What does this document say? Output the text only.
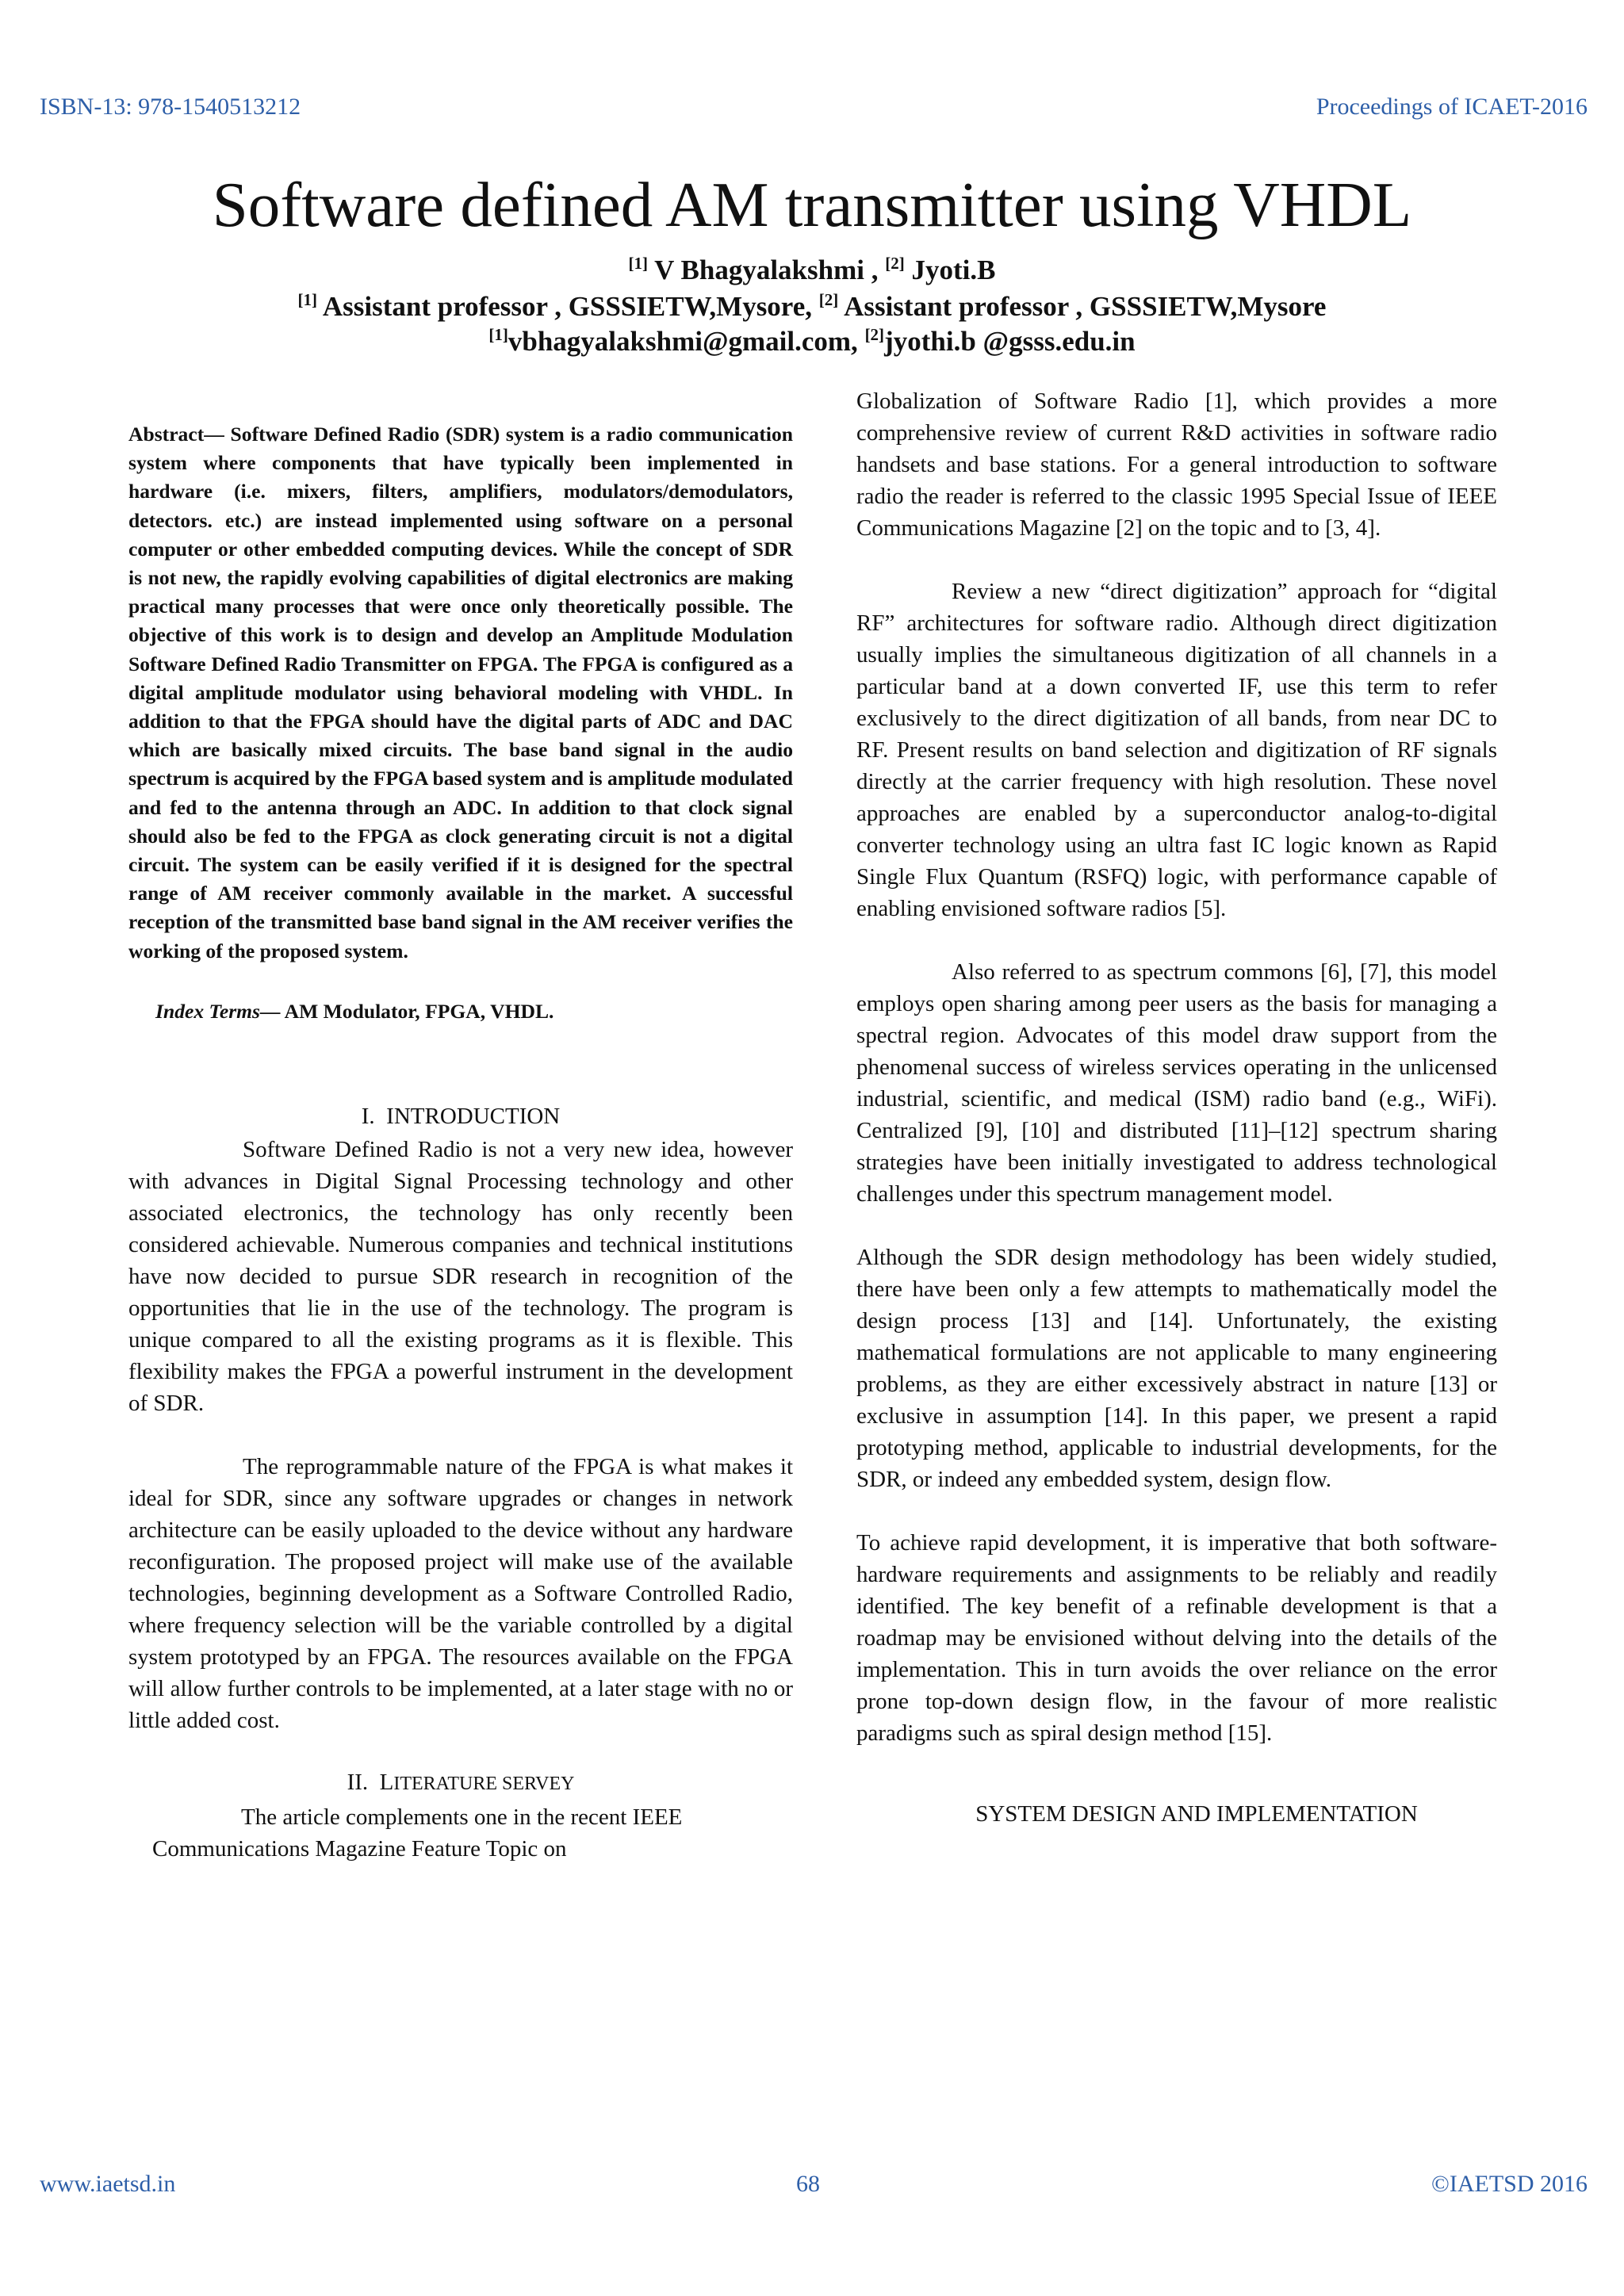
ISBN-13: 978-1540513212	Proceedings of ICAET-2016
Software defined AM transmitter using VHDL
[1] V Bhagyalakshmi , [2] Jyoti.B
[1] Assistant professor , GSSSIETW,Mysore, [2] Assistant professor , GSSSIETW,Mysore
[1]vbhagyalakshmi@gmail.com, [2]jyothi.b @gsss.edu.in

Abstract— Software Defined Radio (SDR) system is a radio communication system where components that have typically been implemented in hardware (i.e. mixers, filters, amplifiers, modulators/demodulators, detectors. etc.) are instead implemented using software on a personal computer or other embedded computing devices. While the concept of SDR is not new, the rapidly evolving capabilities of digital electronics are making practical many processes that were once only theoretically possible. The objective of this work is to design and develop an Amplitude Modulation Software Defined Radio Transmitter on FPGA. The FPGA is configured as a digital amplitude modulator using behavioral modeling with VHDL. In addition to that the FPGA should have the digital parts of ADC and DAC which are basically mixed circuits. The base band signal in the audio spectrum is acquired by the FPGA based system and is amplitude modulated and fed to the antenna through an ADC. In addition to that clock signal should also be fed to the FPGA as clock generating circuit is not a digital circuit. The system can be easily verified if it is designed for the spectral range of AM receiver commonly available in the market. A successful reception of the transmitted base band signal in the AM receiver verifies the working of the proposed system.

Index Terms— AM Modulator, FPGA, VHDL.

I. INTRODUCTION

Software Defined Radio is not a very new idea, however with advances in Digital Signal Processing technology and other associated electronics, the technology has only recently been considered achievable. Numerous companies and technical institutions have now decided to pursue SDR research in recognition of the opportunities that lie in the use of the technology. The program is unique compared to all the existing programs as it is flexible. This flexibility makes the FPGA a powerful instrument in the development of SDR.

The reprogrammable nature of the FPGA is what makes it ideal for SDR, since any software upgrades or changes in network architecture can be easily uploaded to the device without any hardware reconfiguration. The proposed project will make use of the available technologies, beginning development as a Software Controlled Radio, where frequency selection will be the variable controlled by a digital system prototyped by an FPGA. The resources available on the FPGA will allow further controls to be implemented, at a later stage with no or little added cost.

II. LITERATURE SERVEY

The article complements one in the recent IEEE
Communications Magazine Feature Topic on

Globalization of Software Radio [1], which provides a more comprehensive review of current R&D activities in software radio handsets and base stations. For a general introduction to software radio the reader is referred to the classic 1995 Special Issue of IEEE Communications Magazine [2] on the topic and to [3, 4].

Review a new “direct digitization” approach for “digital RF” architectures for software radio. Although direct digitization usually implies the simultaneous digitization of all channels in a particular band at a down converted IF, use this term to refer exclusively to the direct digitization of all bands, from near DC to RF. Present results on band selection and digitization of RF signals directly at the carrier frequency with high resolution. These novel approaches are enabled by a superconductor analog-to-digital converter technology using an ultra fast IC logic known as Rapid Single Flux Quantum (RSFQ) logic, with performance capable of enabling envisioned software radios [5].

Also referred to as spectrum commons [6], [7], this model employs open sharing among peer users as the basis for managing a spectral region. Advocates of this model draw support from the phenomenal success of wireless services operating in the unlicensed industrial, scientific, and medical (ISM) radio band (e.g., WiFi). Centralized [9], [10] and distributed [11]–[12] spectrum sharing strategies have been initially investigated to address technological challenges under this spectrum management model.

Although the SDR design methodology has been widely studied, there have been only a few attempts to mathematically model the design process [13] and [14]. Unfortunately, the existing mathematical formulations are not applicable to many engineering problems, as they are either excessively abstract in nature [13] or exclusive in assumption [14]. In this paper, we present a rapid prototyping method, applicable to industrial developments, for the SDR, or indeed any embedded system, design flow.

To achieve rapid development, it is imperative that both software-hardware requirements and assignments to be reliably and readily identified. The key benefit of a refinable development is that a roadmap may be envisioned without delving into the details of the implementation. This in turn avoids the over reliance on the error prone top-down design flow, in the favour of more realistic paradigms such as spiral design method [15].

SYSTEM DESIGN AND IMPLEMENTATION

www.iaetsd.in	68	©IAETSD 2016
